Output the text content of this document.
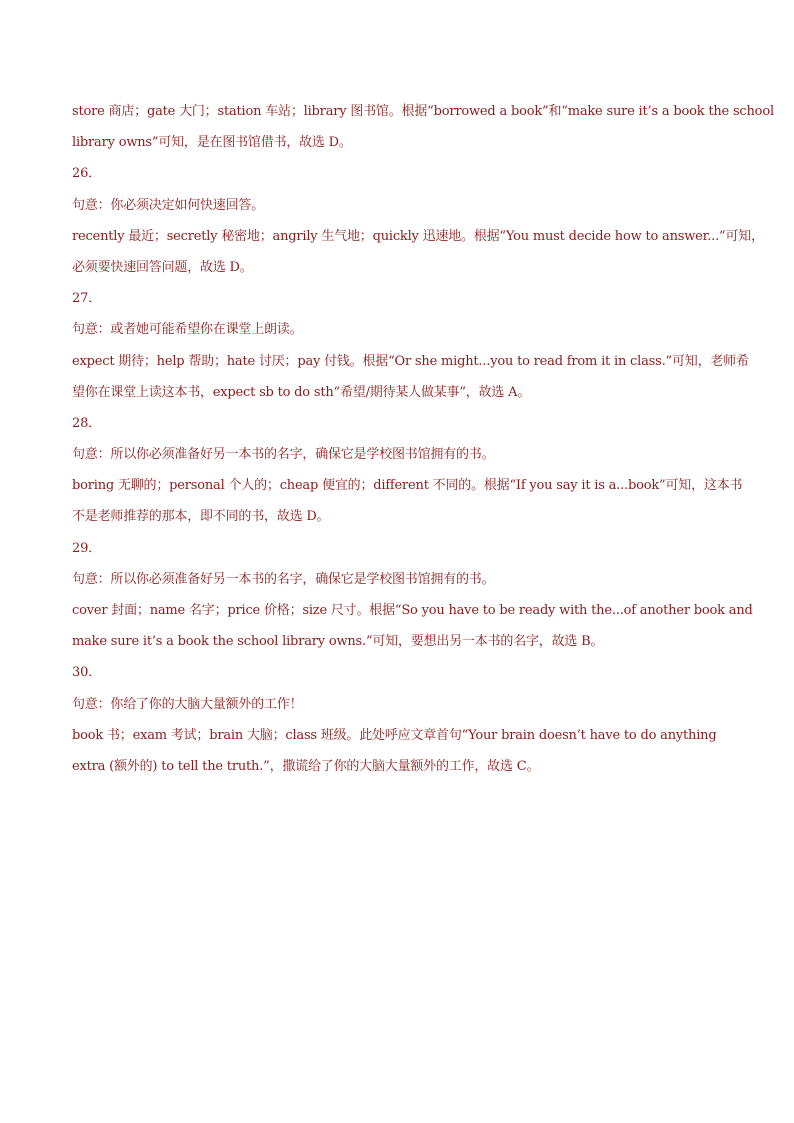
store 商店；gate 大门；station 车站；library 图书馆。根据“borrowed a book”和“make sure it’s a book the school
library owns”可知，是在图书馆借书，故选 D。
26．
句意：你必须决定如何快速回答。
recently 最近；secretly 秘密地；angrily 生气地；quickly 迅速地。根据“You must decide how to answer...”可知，
必须要快速回答问题，故选 D。
27．
句意：或者她可能希望你在课堂上朗读。
expect 期待；help 帮助；hate 讨厌；pay 付钱。根据“Or she might...you to read from it in class.”可知，老师希
望你在课堂上读这本书，expect sb to do sth“希望/期待某人做某事”，故选 A。
28．
句意：所以你必须准备好另一本书的名字，确保它是学校图书馆拥有的书。
boring 无聊的；personal 个人的；cheap 便宜的；different 不同的。根据“If you say it is a...book”可知，这本书
不是老师推荐的那本，即不同的书，故选 D。
29．
句意：所以你必须准备好另一本书的名字，确保它是学校图书馆拥有的书。
cover 封面；name 名字；price 价格；size 尺寸。根据“So you have to be ready with the...of another book and
make sure it’s a book the school library owns.”可知，要想出另一本书的名字，故选 B。
30．
句意：你给了你的大脑大量额外的工作！
book 书；exam 考试；brain 大脑；class 班级。此处呼应文章首句“Your brain doesn’t have to do anything
extra (额外的) to tell the truth.”，撒谎给了你的大脑大量额外的工作，故选 C。
